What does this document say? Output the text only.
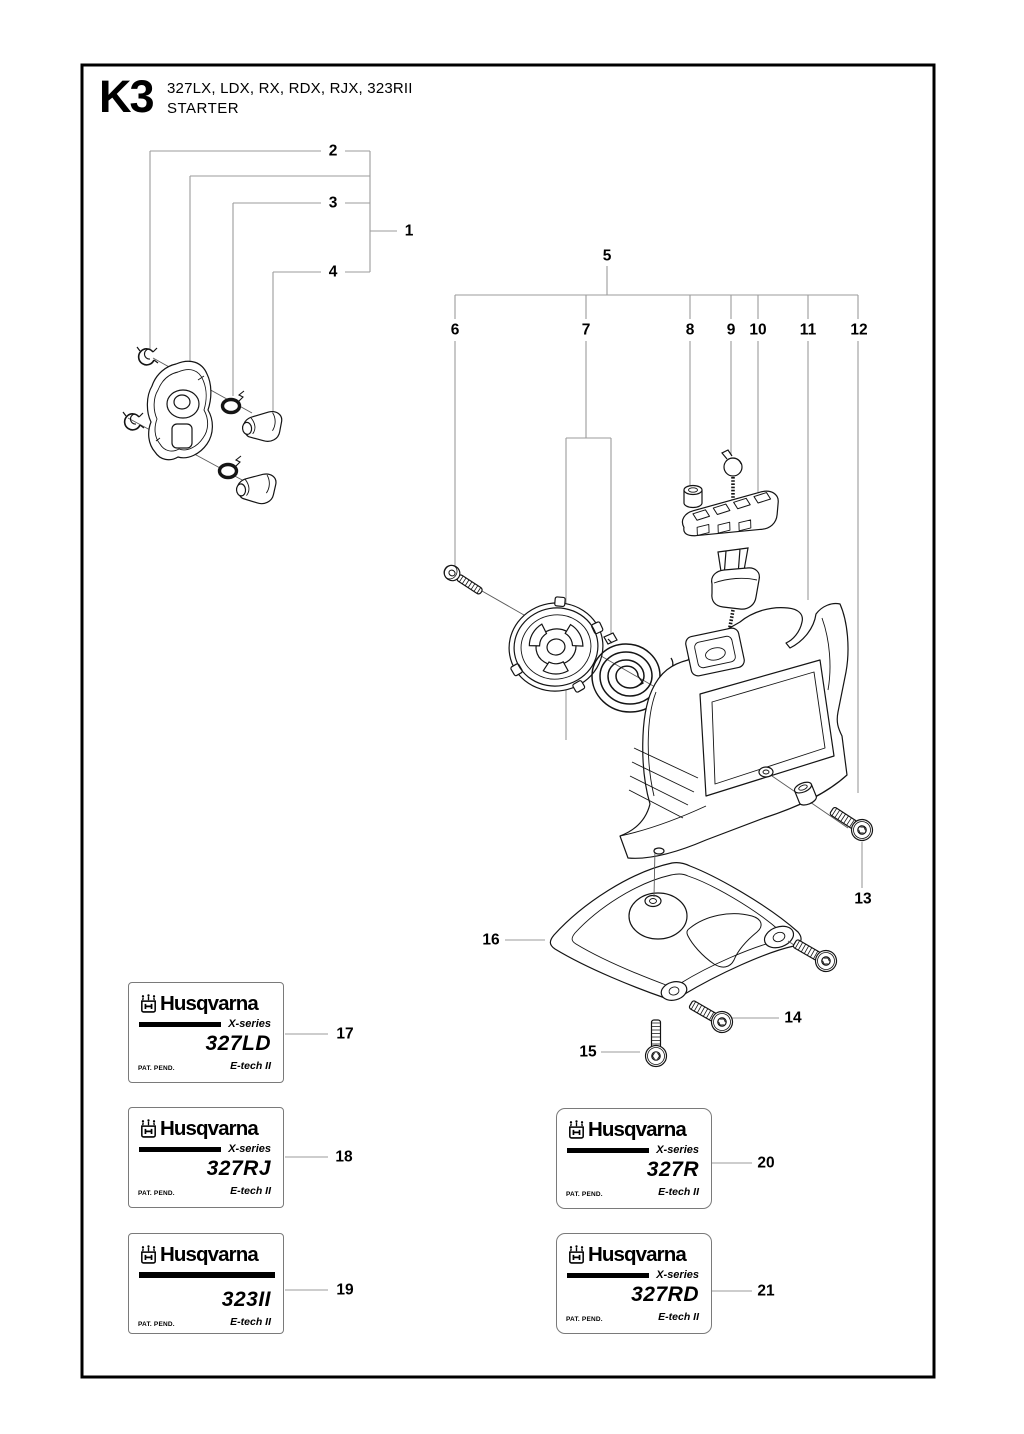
K3 327LX, LDX, RX, RDX, RJX, 323RII
STARTER
1
2
3
4
5
6	7	8 9 10 11 12
13
14
15
16
17
18
19
20
21
Husqvarna
X-series
327LD
PAT. PEND.	E-tech II
Husqvarna
X-series
327RJ
PAT. PEND.	E-tech II
Husqvarna
323II
PAT. PEND.	E-tech II
Husqvarna
X-series
327R
PAT. PEND.	E-tech II
Husqvarna
X-series
327RD
PAT. PEND.	E-tech II
